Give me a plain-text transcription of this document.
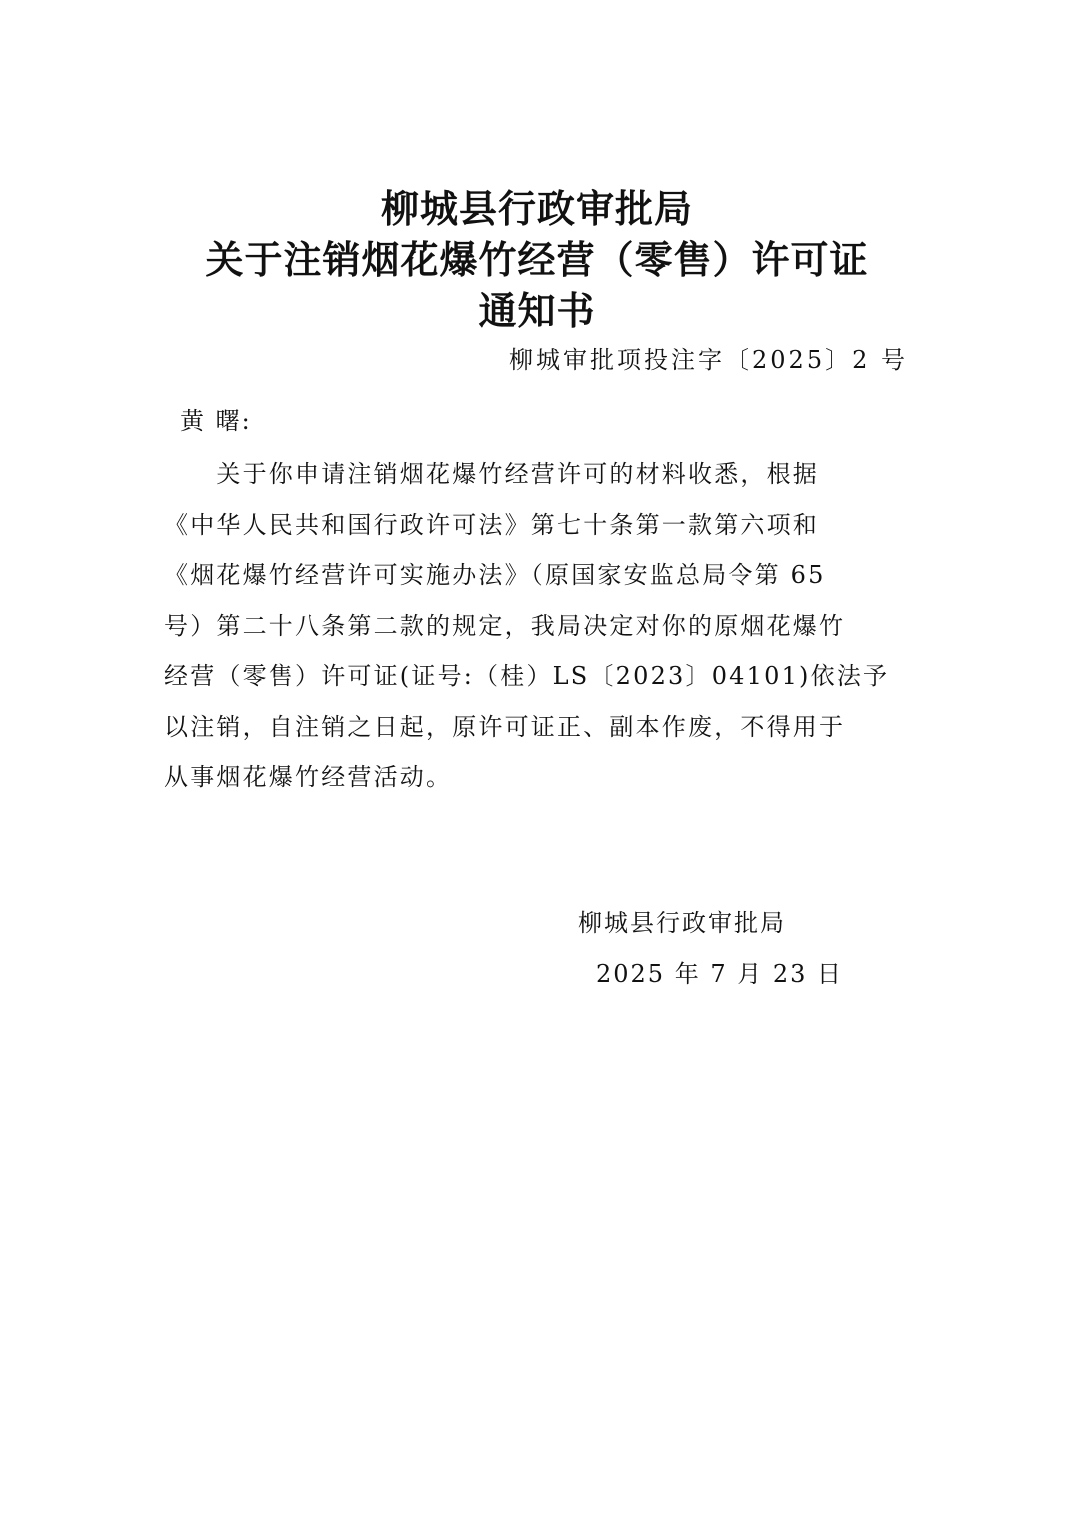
柳城县行政审批局
关于注销烟花爆竹经营（零售）许可证
通知书
柳城审批项投注字〔2025〕2 号
黄 曙:
　　关于你申请注销烟花爆竹经营许可的材料收悉，根据
《中华人民共和国行政许可法》第七十条第一款第六项和
《烟花爆竹经营许可实施办法》（原国家安监总局令第 65
号）第二十八条第二款的规定，我局决定对你的原烟花爆竹
经营（零售）许可证(证号:（桂）LS〔2023〕04101)依法予
以注销，自注销之日起，原许可证正、副本作废，不得用于
从事烟花爆竹经营活动。
柳城县行政审批局
2025 年 7 月 23 日
